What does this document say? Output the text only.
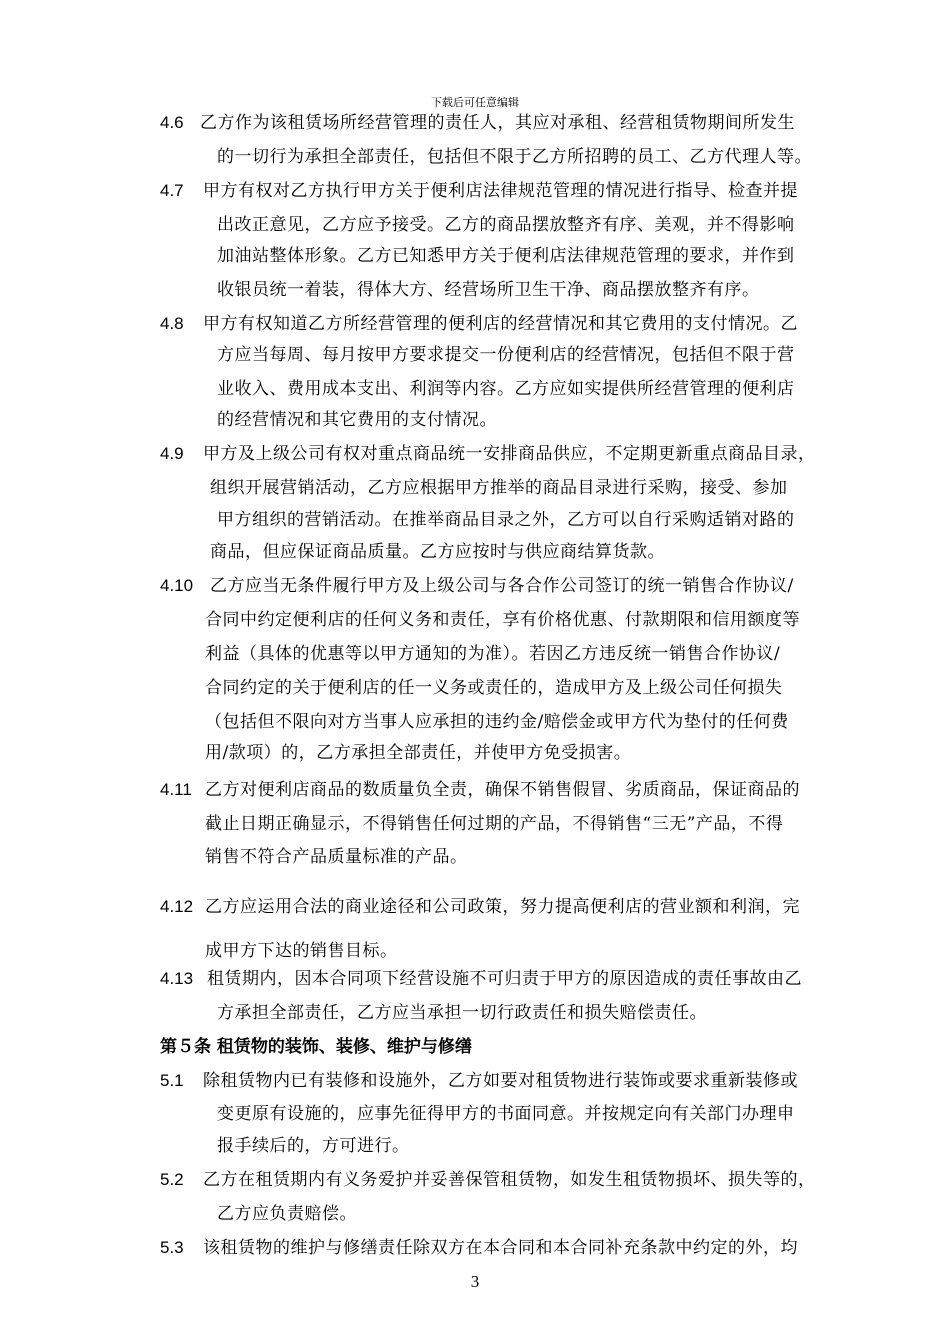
下载后可任意编辑
4.6 乙方作为该租赁场所经营管理的责任人，其应对承租、经营租赁物期间所发生
的一切行为承担全部责任，包括但不限于乙方所招聘的员工、乙方代理人等。
4.7 甲方有权对乙方执行甲方关于便利店法律规范管理的情况进行指导、检查并提
出改正意见，乙方应予接受。乙方的商品摆放整齐有序、美观，并不得影响
加油站整体形象。乙方已知悉甲方关于便利店法律规范管理的要求，并作到
收银员统一着装，得体大方、经营场所卫生干净、商品摆放整齐有序。
4.8 甲方有权知道乙方所经营管理的便利店的经营情况和其它费用的支付情况。乙
方应当每周、每月按甲方要求提交一份便利店的经营情况，包括但不限于营
业收入、费用成本支出、利润等内容。乙方应如实提供所经营管理的便利店
的经营情况和其它费用的支付情况。
4.9 甲方及上级公司有权对重点商品统一安排商品供应，不定期更新重点商品目录，
组织开展营销活动，乙方应根据甲方推举的商品目录进行采购，接受、参加
甲方组织的营销活动。在推举商品目录之外，乙方可以自行采购适销对路的
商品，但应保证商品质量。乙方应按时与供应商结算货款。
4.10 乙方应当无条件履行甲方及上级公司与各合作公司签订的统一销售合作协议/
合同中约定便利店的任何义务和责任，享有价格优惠、付款期限和信用额度等
利益（具体的优惠等以甲方通知的为准）。若因乙方违反统一销售合作协议/
合同约定的关于便利店的任一义务或责任的，造成甲方及上级公司任何损失
（包括但不限向对方当事人应承担的违约金/赔偿金或甲方代为垫付的任何费
用/款项）的，乙方承担全部责任，并使甲方免受损害。
4.11 乙方对便利店商品的数质量负全责，确保不销售假冒、劣质商品，保证商品的
截止日期正确显示，不得销售任何过期的产品，不得销售“三无”产品，不得
销售不符合产品质量标准的产品。
4.12 乙方应运用合法的商业途径和公司政策，努力提高便利店的营业额和利润，完
成甲方下达的销售目标。
4.13 租赁期内，因本合同项下经营设施不可归责于甲方的原因造成的责任事故由乙
方承担全部责任，乙方应当承担一切行政责任和损失赔偿责任。
第５条 租赁物的装饰、装修、维护与修缮
5.1 除租赁物内已有装修和设施外，乙方如要对租赁物进行装饰或要求重新装修或
变更原有设施的，应事先征得甲方的书面同意。并按规定向有关部门办理申
报手续后的，方可进行。
5.2 乙方在租赁期内有义务爱护并妥善保管租赁物，如发生租赁物损坏、损失等的，
乙方应负责赔偿。
5.3 该租赁物的维护与修缮责任除双方在本合同和本合同补充条款中约定的外，均
3
